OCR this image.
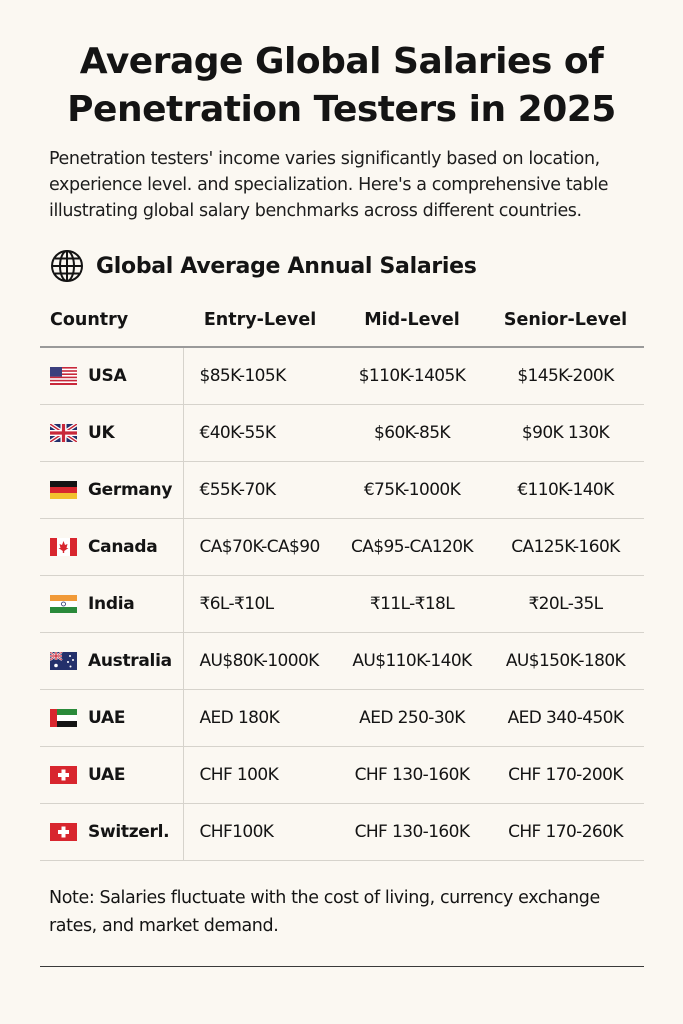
Average Global Salaries of
Penetration Testers in 2025

Penetration testers' income varies significantly based on location, experience level. and specialization. Here's a comprehensive table illustrating global salary benchmarks across different countries.

Global Average Annual Salaries
Country	Entry-Level	Mid-Level	Senior-Level

USA	$85K-105K	$110K-1405K	$145K-200K

UK	€40K-55K	$60K-85K	$90K 130K

Germany	€55K-70K	€75K-1000K	€110K-140K

Canada	CA$70K-CA$90	CA$95-CA120K	CA125K-160K

India	₹6L-₹10L	₹11L-₹18L	₹20L-35L

Australia	AU$80K-1000K	AU$110K-140K	AU$150K-180K

UAE	AED 180K	AED 250-30K	AED 340-450K

UAE	CHF 100K	CHF 130-160K	CHF 170-200K

Switzerl.	CHF100K	CHF 130-160K	CHF 170-260K

Note: Salaries fluctuate with the cost of living, currency exchange rates, and market demand.
